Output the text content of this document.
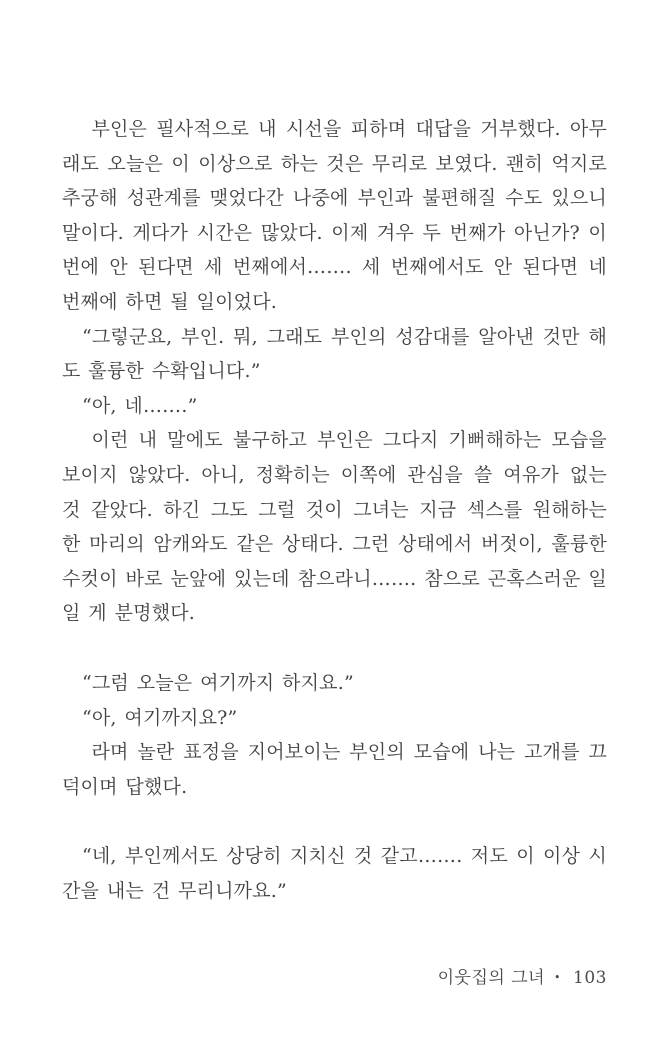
부인은 필사적으로 내 시선을 피하며 대답을 거부했다. 아무래도 오늘은 이 이상으로 하는 것은 무리로 보였다. 괜히 억지로 추궁해 성관계를 맺었다간 나중에 부인과 불편해질 수도 있으니 말이다. 게다가 시간은 많았다. 이제 겨우 두 번째가 아닌가? 이번에 안 된다면 세 번째에서……. 세 번째에서도 안 된다면 네 번째에 하면 될 일이었다.

“그렇군요, 부인. 뭐, 그래도 부인의 성감대를 알아낸 것만 해도 훌륭한 수확입니다.”

“아, 네…….”

이런 내 말에도 불구하고 부인은 그다지 기뻐해하는 모습을 보이지 않았다. 아니, 정확히는 이쪽에 관심을 쓸 여유가 없는 것 같았다. 하긴 그도 그럴 것이 그녀는 지금 섹스를 원해하는 한 마리의 암캐와도 같은 상태다. 그런 상태에서 버젓이, 훌륭한 수컷이 바로 눈앞에 있는데 참으라니……. 참으로 곤혹스러운 일일 게 분명했다.

“그럼 오늘은 여기까지 하지요.”

“아, 여기까지요?”

라며 놀란 표정을 지어보이는 부인의 모습에 나는 고개를 끄덕이며 답했다.

“네, 부인께서도 상당히 지치신 것 같고……. 저도 이 이상 시간을 내는 건 무리니까요.”

이웃집의 그녀 • 103
